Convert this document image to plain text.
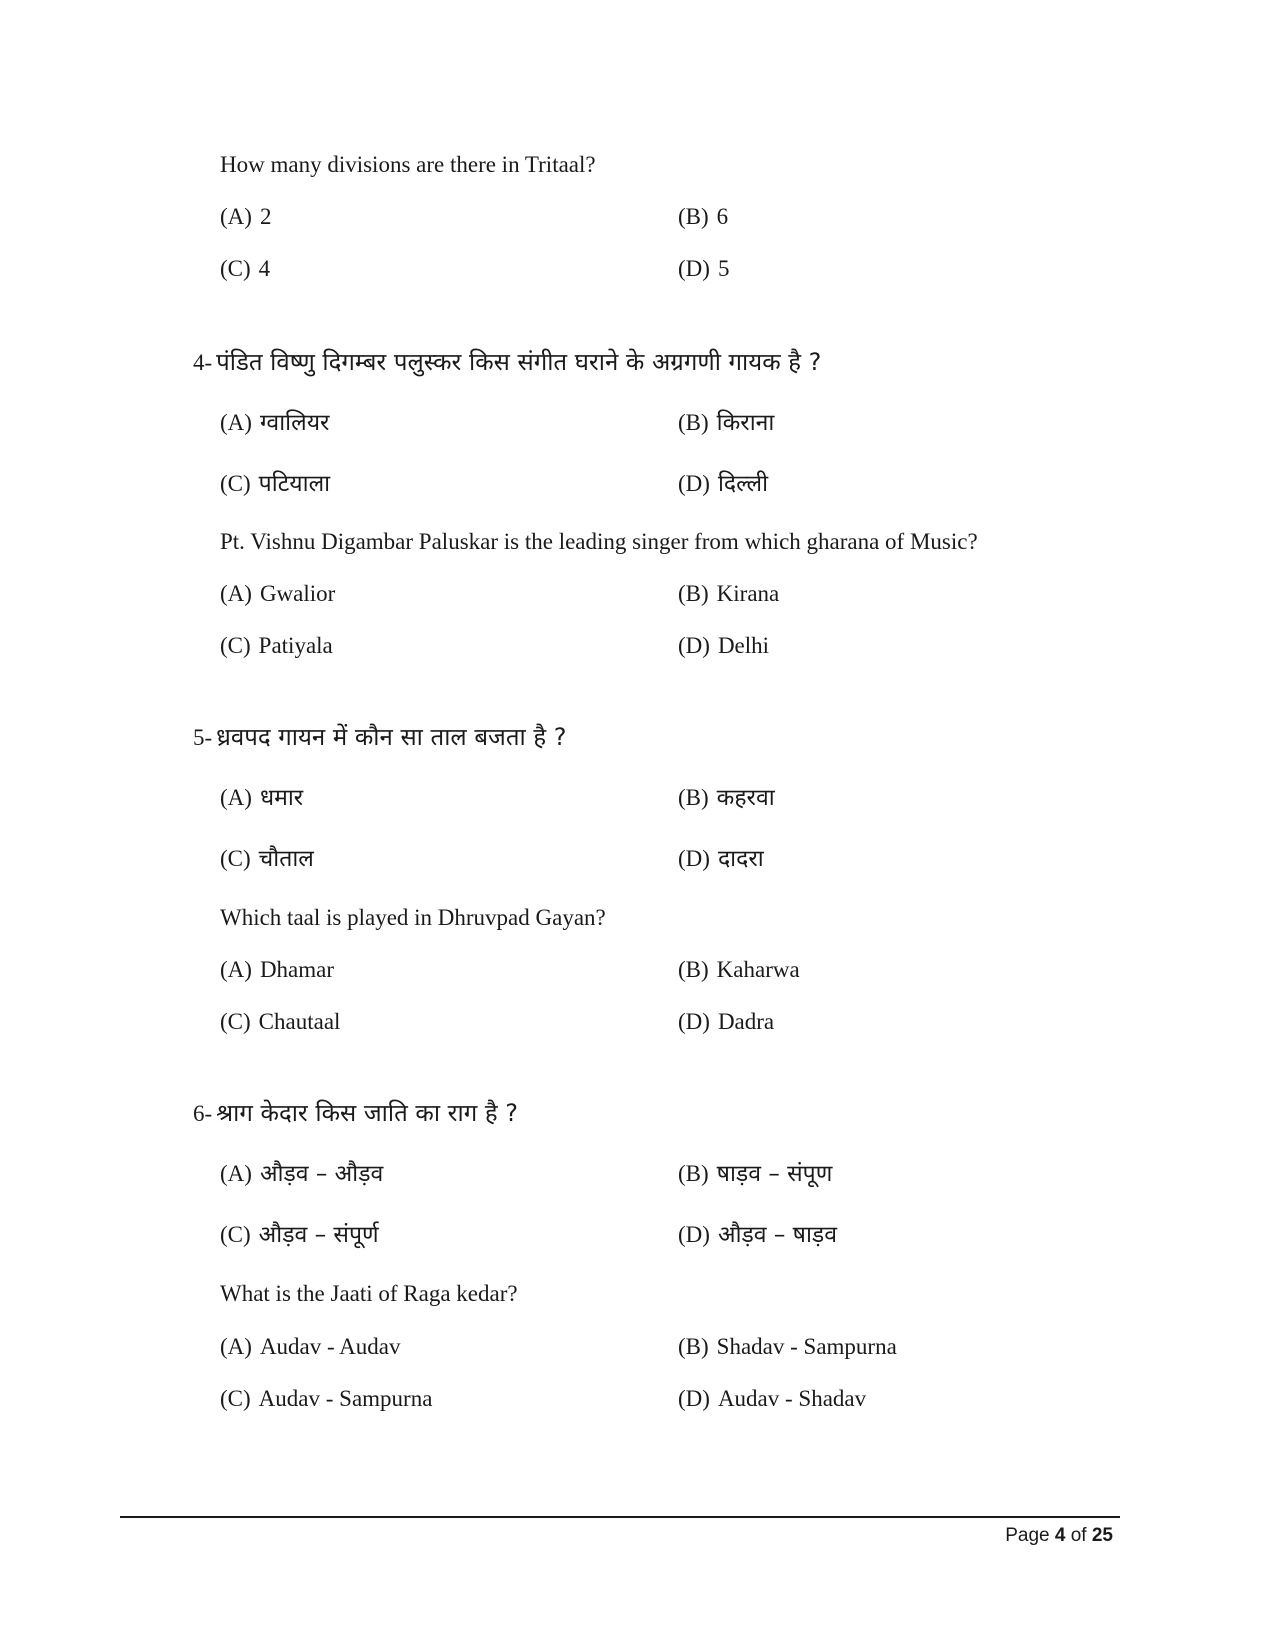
How many divisions are there in Tritaal?
(A) 2	(B) 6
(C) 4	(D) 5
4- पंडित विष्णु दिगम्बर पलुस्कर किस संगीत घराने के अग्रगणी गायक है ?
(A) ग्वालियर	(B) किराना
(C) पटियाला	(D) दिल्ली
Pt. Vishnu Digambar Paluskar is the leading singer from which gharana of Music?
(A) Gwalior	(B) Kirana
(C) Patiyala	(D) Delhi
5- ध्रवपद गायन में कौन सा ताल बजता है ?
(A) धमार	(B) कहरवा
(C) चौताल	(D) दादरा
Which taal is played in Dhruvpad Gayan?
(A) Dhamar	(B) Kaharwa
(C) Chautaal	(D) Dadra
6- श्राग केदार किस जाति का राग है ?
(A) औड़व – औड़व	(B) षाड़व – संपूण
(C) औड़व – संपूर्ण	(D) औड़व – षाड़व
What is the Jaati of Raga kedar?
(A) Audav - Audav	(B) Shadav - Sampurna
(C) Audav - Sampurna	(D) Audav - Shadav
Page 4 of 25
